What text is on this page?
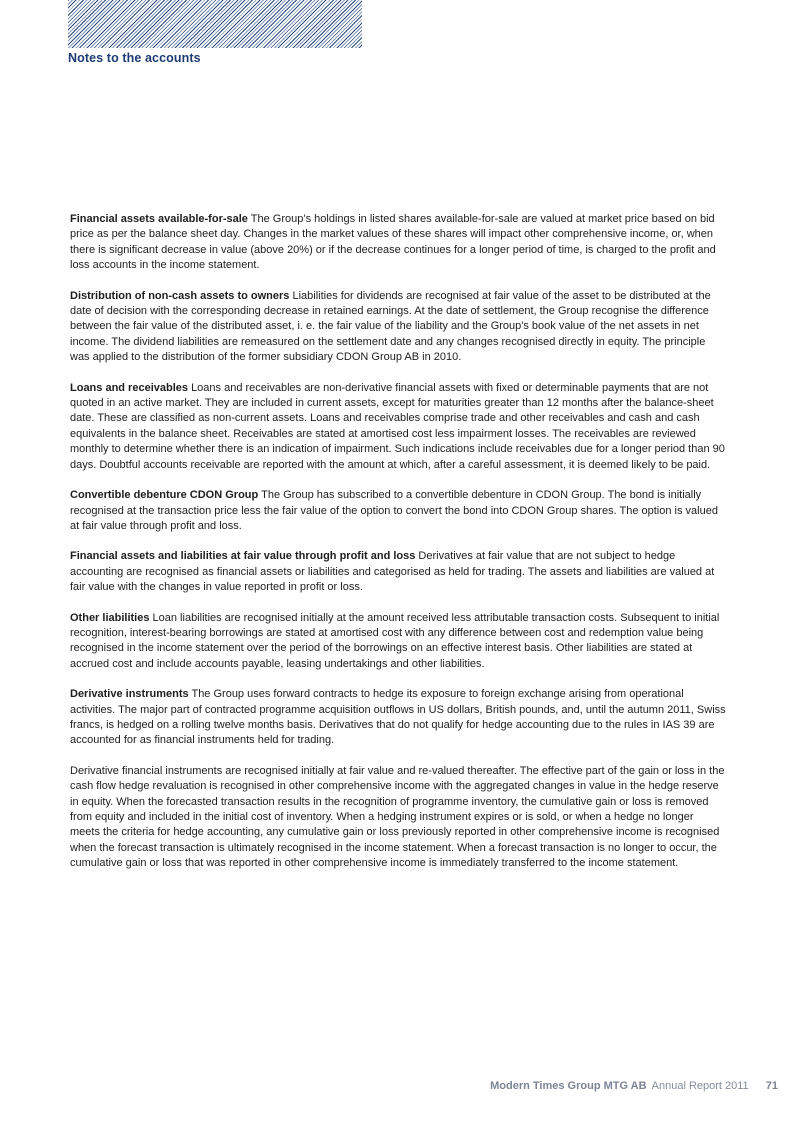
Notes to the accounts

Financial assets available-for-sale The Group’s holdings in listed shares available-for-sale are valued at market price based on bid price as per the balance sheet day. Changes in the market values of these shares will impact other comprehensive income, or, when there is significant decrease in value (above 20%) or if the decrease continues for a longer period of time, is charged to the profit and loss accounts in the income statement.

Distribution of non-cash assets to owners Liabilities for dividends are recognised at fair value of the asset to be distributed at the date of decision with the corresponding decrease in retained earnings. At the date of settlement, the Group recognise the difference between the fair value of the distributed asset, i. e. the fair value of the liability and the Group's book value of the net assets in net income. The dividend liabilities are remeasured on the settlement date and any changes recognised directly in equity. The principle was applied to the distribution of the former subsidiary CDON Group AB in 2010.

Loans and receivables Loans and receivables are non-derivative financial assets with fixed or determinable payments that are not quoted in an active market. They are included in current assets, except for maturities greater than 12 months after the balance-sheet date. These are classified as non-current assets. Loans and receivables comprise trade and other receivables and cash and cash equivalents in the balance sheet. Receivables are stated at amortised cost less impairment losses. The receivables are reviewed monthly to determine whether there is an indication of impairment. Such indications include receivables due for a longer period than 90 days. Doubtful accounts receivable are reported with the amount at which, after a careful assessment, it is deemed likely to be paid.

Convertible debenture CDON Group The Group has subscribed to a convertible debenture in CDON Group. The bond is initially recognised at the transaction price less the fair value of the option to convert the bond into CDON Group shares. The option is valued at fair value through profit and loss.

Financial assets and liabilities at fair value through profit and loss Derivatives at fair value that are not subject to hedge accounting are recognised as financial assets or liabilities and categorised as held for trading. The assets and liabilities are valued at fair value with the changes in value reported in profit or loss.

Other liabilities Loan liabilities are recognised initially at the amount received less attributable transaction costs. Subsequent to initial recognition, interest-bearing borrowings are stated at amortised cost with any difference between cost and redemption value being recognised in the income statement over the period of the borrowings on an effective interest basis. Other liabilities are stated at accrued cost and include accounts payable, leasing undertakings and other liabilities.

Derivative instruments The Group uses forward contracts to hedge its exposure to foreign exchange arising from operational activities. The major part of contracted programme acquisition outflows in US dollars, British pounds, and, until the autumn 2011, Swiss francs, is hedged on a rolling twelve months basis. Derivatives that do not qualify for hedge accounting due to the rules in IAS 39 are accounted for as financial instruments held for trading.

Derivative financial instruments are recognised initially at fair value and re-valued thereafter. The effective part of the gain or loss in the cash flow hedge revaluation is recognised in other comprehensive income with the aggregated changes in value in the hedge reserve in equity. When the forecasted transaction results in the recognition of programme inventory, the cumulative gain or loss is removed from equity and included in the initial cost of inventory. When a hedging instrument expires or is sold, or when a hedge no longer meets the criteria for hedge accounting, any cumulative gain or loss previously reported in other comprehensive income is recognised when the forecast transaction is ultimately recognised in the income statement. When a forecast transaction is no longer to occur, the cumulative gain or loss that was reported in other comprehensive income is immediately transferred to the income statement.

Modern Times Group MTG AB Annual Report 2011 71
